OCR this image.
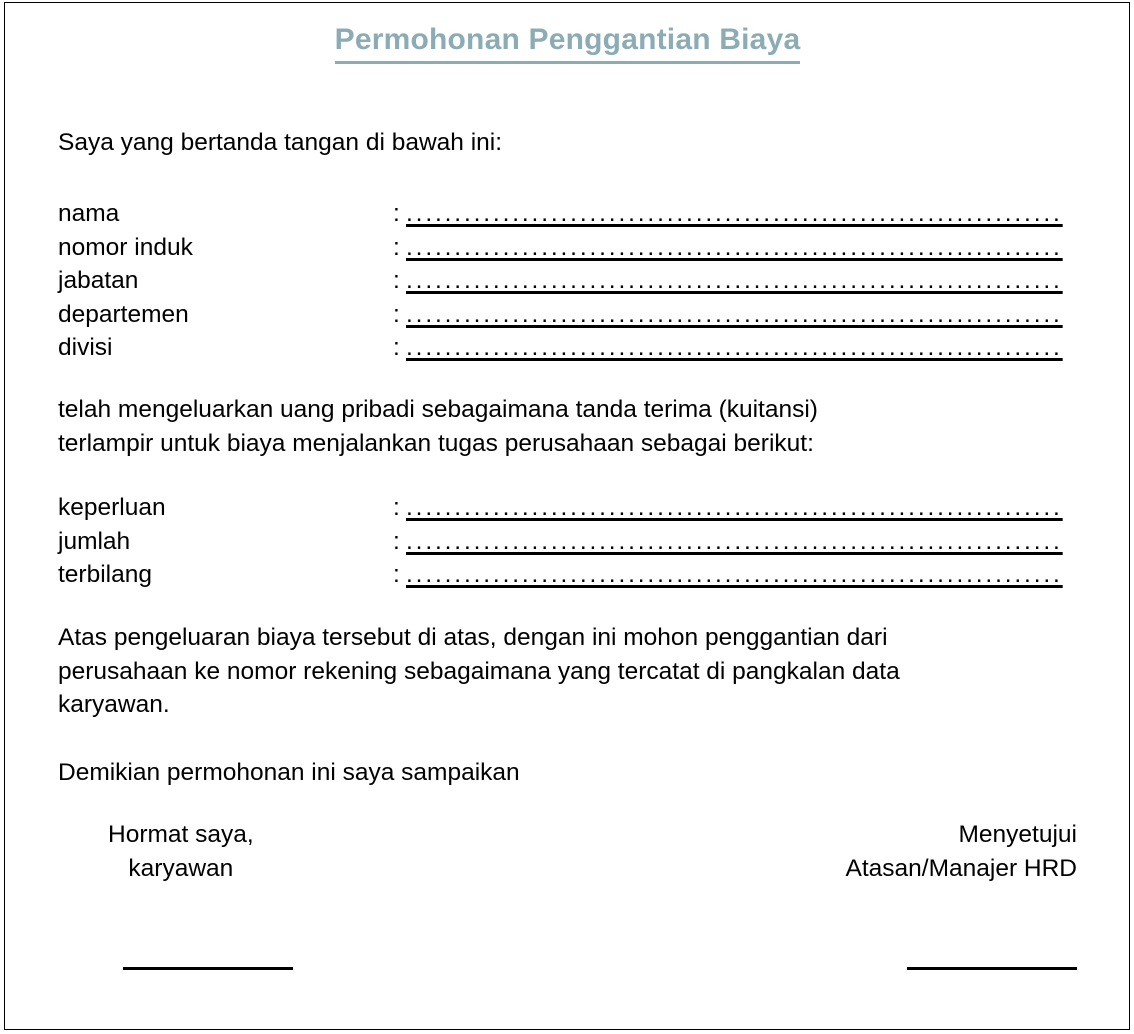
Permohonan Penggantian Biaya
Saya yang bertanda tangan di bawah ini:
nama	: ....................................................................
nomor induk	: ....................................................................
jabatan	: ....................................................................
departemen	: ....................................................................
divisi	: ....................................................................
telah mengeluarkan uang pribadi sebagaimana tanda terima (kuitansi)
terlampir untuk biaya menjalankan tugas perusahaan sebagai berikut:
keperluan	: ....................................................................
jumlah	: ....................................................................
terbilang	: ....................................................................
Atas pengeluaran biaya tersebut di atas, dengan ini mohon penggantian dari
perusahaan ke nomor rekening sebagaimana yang tercatat di pangkalan data
karyawan.
Demikian permohonan ini saya sampaikan
Hormat saya,
karyawan
Menyetujui
Atasan/Manajer HRD
